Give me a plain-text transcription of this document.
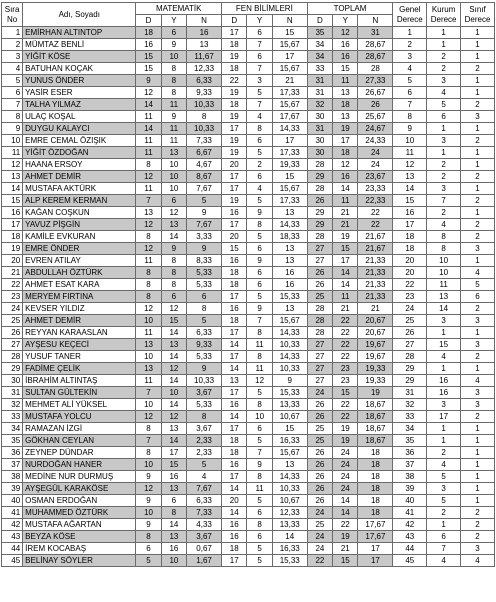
Sıra No	Adı, Soyadı	MATEMATİK			FEN BİLİMLERİ			TOPLAM			Genel Derece	Kurum Derece	Sınıf Derece
		D	Y	N	D	Y	N	D	Y	N			
1	EMİRHAN ALTINTOP	18	6	16	17	6	15	35	12	31	1	1	1
2	MÜMTAZ BENLİ	16	9	13	18	7	15,67	34	16	28,67	2	1	1
3	YİĞİT KÖSE	15	10	11,67	19	6	17	34	16	28,67	3	2	1
4	BATUHAN KOÇAK	15	8	12,33	18	7	15,67	33	15	28	4	2	2
5	YUNUS ÖNDER	9	8	6,33	22	3	21	31	11	27,33	5	3	1
6	YASİR ESER	12	8	9,33	19	5	17,33	31	13	26,67	6	4	1
7	TALHA YILMAZ	14	11	10,33	18	7	15,67	32	18	26	7	5	2
8	ULAÇ KOŞAL	11	9	8	19	4	17,67	30	13	25,67	8	6	3
9	DUYGU KALAYCI	14	11	10,33	17	8	14,33	31	19	24,67	9	1	1
10	EMRE CEMAL ÖZIŞIK	11	11	7,33	19	6	17	30	17	24,33	10	3	2
11	YİĞİT ÖZDOĞAN	11	13	6,67	19	5	17,33	30	18	24	11	1	1
12	HAANA ERSOY	8	10	4,67	20	2	19,33	28	12	24	12	2	1
13	AHMET DEMİR	12	10	8,67	17	6	15	29	16	23,67	13	2	2
14	MUSTAFA AKTÜRK	11	10	7,67	17	4	15,67	28	14	23,33	14	3	1
15	ALP KEREM KERMAN	7	6	5	19	5	17,33	26	11	22,33	15	7	2
16	KAĞAN COŞKUN	13	12	9	16	9	13	29	21	22	16	2	1
17	YAVUZ PİŞGİN	12	13	7,67	17	8	14,33	29	21	22	17	4	2
18	KAMİLE EVKURAN	8	14	3,33	20	5	18,33	28	19	21,67	18	8	2
19	EMRE ÖNDER	12	9	9	15	6	13	27	15	21,67	18	8	3
20	EVREN ATILAY	11	8	8,33	16	9	13	27	17	21,33	20	10	1
21	ABDULLAH ÖZTÜRK	8	8	5,33	18	6	16	26	14	21,33	20	10	4
22	AHMET ESAT KARA	8	8	5,33	18	6	16	26	14	21,33	22	11	5
23	MERYEM FIRTINA	8	6	6	17	5	15,33	25	11	21,33	23	13	6
24	KEVSER YILDIZ	12	12	8	16	9	13	28	21	21	24	14	2
25	AHMET DEMİR	10	15	5	18	7	15,67	28	22	20,67	25	3	3
26	REYYAN KARAASLAN	11	14	6,33	17	8	14,33	28	22	20,67	26	1	1
27	AYŞESU KEÇECİ	13	13	9,33	14	11	10,33	27	22	19,67	27	15	3
28	YUSUF TANER	10	14	5,33	17	8	14,33	27	22	19,67	28	4	2
29	FADİME ÇELİK	13	12	9	14	11	10,33	27	23	19,33	29	1	1
30	İBRAHİM ALTINTAŞ	11	14	10,33	13	12	9	27	23	19,33	29	16	4
31	SULTAN GÜLTEKİN	7	10	3,67	17	5	15,33	24	15	19	31	16	3
32	MEHMET ALİ YÜKSEL	10	14	5,33	16	8	13,33	26	22	18,67	32	3	3
33	MUSTAFA YOLCU	12	12	8	14	10	10,67	26	22	18,67	33	17	2
34	RAMAZAN İZGİ	8	13	3,67	17	6	15	25	19	18,67	34	1	1
35	GÖKHAN CEYLAN	7	14	2,33	18	5	16,33	25	19	18,67	35	1	1
36	ZEYNEP DÜNDAR	8	17	2,33	18	7	15,67	26	24	18	36	2	1
37	NURDOĞAN HANER	10	15	5	16	9	13	26	24	18	37	4	1
38	MEDİNE NUR DURMUŞ	9	16	4	17	8	14,33	26	24	18	38	5	1
39	AYŞEGÜL KARAKÖSE	12	13	7,67	14	11	10,33	26	24	18	39	3	1
40	OSMAN ERDOĞAN	9	6	6,33	20	5	10,67	26	14	18	40	5	1
41	MUHAMMED ÖZTÜRK	10	8	7,33	14	6	12,33	24	14	18	41	2	2
42	MUSTAFA AĞARTAN	9	14	4,33	16	8	13,33	25	22	17,67	42	1	2
43	BEYZA KÖSE	8	13	3,67	16	6	14	24	19	17,67	43	6	2
44	İREM KOCABAŞ	6	16	0,67	18	5	16,33	24	21	17	44	7	3
45	BELİNAY SÖYLER	5	10	1,67	17	5	15,33	22	15	17	45	4	4
